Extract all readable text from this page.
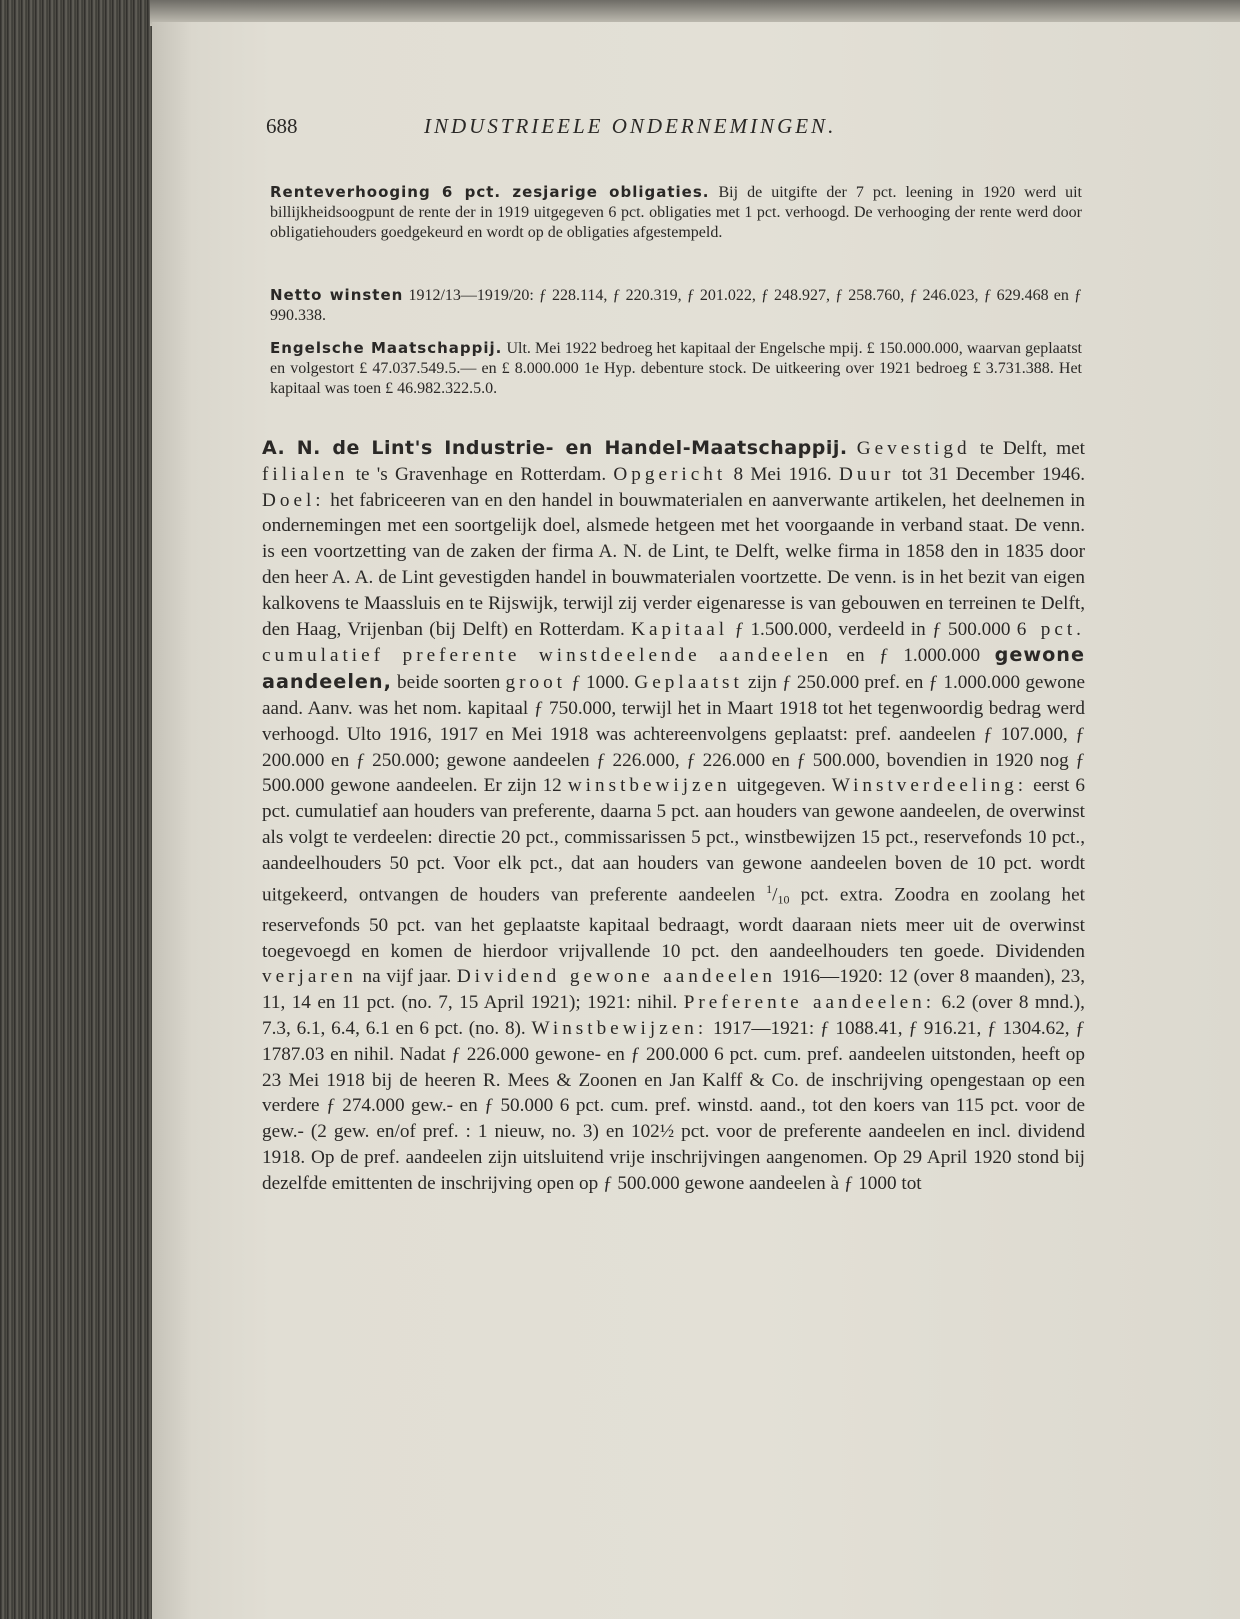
688	INDUSTRIEELE ONDERNEMINGEN.

Renteverhooging 6 pct. zesjarige obligaties. Bij de uitgifte der 7 pct. leening in 1920 werd uit billijkheidsoogpunt de rente der in 1919 uitgegeven 6 pct. obligaties met 1 pct. verhoogd. De verhooging der rente werd door obligatiehouders goedgekeurd en wordt op de obligaties afgestempeld.

Netto winsten 1912/13—1919/20: ƒ 228.114, ƒ 220.319, ƒ 201.022, ƒ 248.927, ƒ 258.760, ƒ 246.023, ƒ 629.468 en ƒ 990.338.

Engelsche Maatschappij. Ult. Mei 1922 bedroeg het kapitaal der Engelsche mpij. £ 150.000.000, waarvan geplaatst en volgestort £ 47.037.549.5.— en £ 8.000.000 1e Hyp. debenture stock. De uitkeering over 1921 bedroeg £ 3.731.388. Het kapitaal was toen £ 46.982.322.5.0.

A. N. de Lint's Industrie- en Handel-Maatschappij. Gevestigd te Delft, met filialen te 's Gravenhage en Rotterdam. Opgericht 8 Mei 1916. Duur tot 31 December 1946. Doel: het fabriceeren van en den handel in bouwmaterialen en aanverwante artikelen, het deelnemen in ondernemingen met een soortgelijk doel, alsmede hetgeen met het voorgaande in verband staat. De venn. is een voortzetting van de zaken der firma A. N. de Lint, te Delft, welke firma in 1858 den in 1835 door den heer A. A. de Lint gevestigden handel in bouwmaterialen voortzette. De venn. is in het bezit van eigen kalkovens te Maassluis en te Rijswijk, terwijl zij verder eigenaresse is van gebouwen en terreinen te Delft, den Haag, Vrijenban (bij Delft) en Rotterdam. Kapitaal ƒ 1.500.000, verdeeld in ƒ 500.000 6 pct. cumulatief preferente winstdeelende aandeelen en ƒ 1.000.000 gewone aandeelen, beide soorten groot ƒ 1000. Geplaatst zijn ƒ 250.000 pref. en ƒ 1.000.000 gewone aand. Aanv. was het nom. kapitaal ƒ 750.000, terwijl het in Maart 1918 tot het tegenwoordig bedrag werd verhoogd. Ulto 1916, 1917 en Mei 1918 was achtereenvolgens geplaatst: pref. aandeelen ƒ 107.000, ƒ 200.000 en ƒ 250.000; gewone aandeelen ƒ 226.000, ƒ 226.000 en ƒ 500.000, bovendien in 1920 nog ƒ 500.000 gewone aandeelen. Er zijn 12 winstbewijzen uitgegeven. Winstverdeeling: eerst 6 pct. cumulatief aan houders van preferente, daarna 5 pct. aan houders van gewone aandeelen, de overwinst als volgt te verdeelen: directie 20 pct., commissarissen 5 pct., winstbewijzen 15 pct., reservefonds 10 pct., aandeelhouders 50 pct. Voor elk pct., dat aan houders van gewone aandeelen boven de 10 pct. wordt uitgekeerd, ontvangen de houders van preferente aandeelen $^1/_{10}$ pct. extra. Zoodra en zoolang het reservefonds 50 pct. van het geplaatste kapitaal bedraagt, wordt daaraan niets meer uit de overwinst toegevoegd en komen de hierdoor vrijvallende 10 pct. den aandeelhouders ten goede. Dividenden verjaren na vijf jaar. Dividend gewone aandeelen 1916—1920: 12 (over 8 maanden), 23, 11, 14 en 11 pct. (no. 7, 15 April 1921); 1921: nihil. Preferente aandeelen: 6.2 (over 8 mnd.), 7.3, 6.1, 6.4, 6.1 en 6 pct. (no. 8). Winstbewijzen: 1917—1921: ƒ 1088.41, ƒ 916.21, ƒ 1304.62, ƒ 1787.03 en nihil. Nadat ƒ 226.000 gewone- en ƒ 200.000 6 pct. cum. pref. aandeelen uitstonden, heeft op 23 Mei 1918 bij de heeren R. Mees & Zoonen en Jan Kalff & Co. de inschrijving opengestaan op een verdere ƒ 274.000 gew.- en ƒ 50.000 6 pct. cum. pref. winstd. aand., tot den koers van 115 pct. voor de gew.- (2 gew. en/of pref. : 1 nieuw, no. 3) en 102½ pct. voor de preferente aandeelen en incl. dividend 1918. Op de pref. aandeelen zijn uitsluitend vrije inschrijvingen aangenomen. Op 29 April 1920 stond bij dezelfde emittenten de inschrijving open op ƒ 500.000 gewone aandeelen à ƒ 1000 tot
